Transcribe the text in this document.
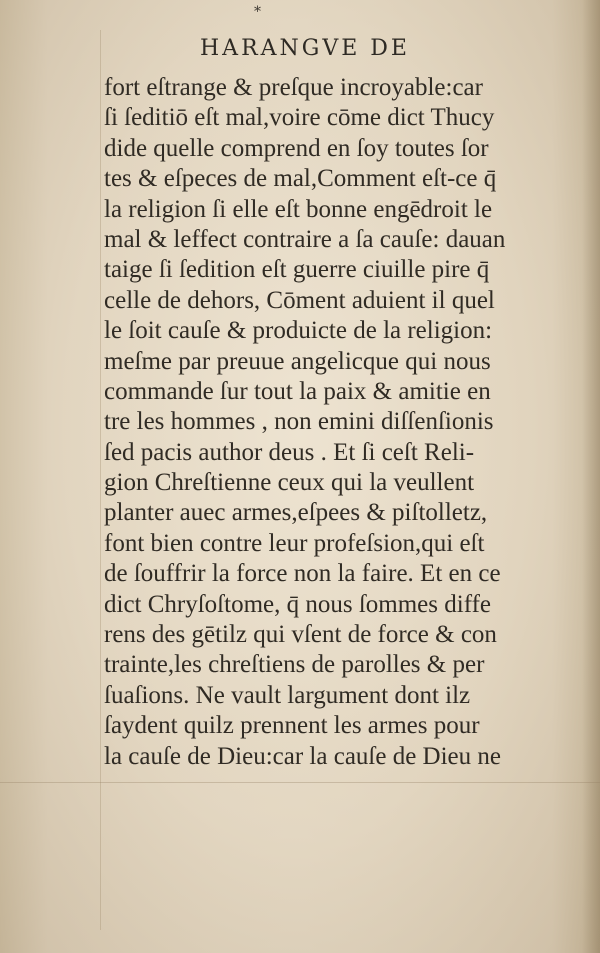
*
HARANGVE DE
fort eſtrange & preſque incroyable:car
ſi ſeditiō eſt mal,voire cōme dict Thucy
dide quelle comprend en ſoy toutes ſor
tes & eſpeces de mal,Comment eſt-ce q̄
la religion ſi elle eſt bonne engēdroit le
mal & leffect contraire a ſa cauſe: dauan
taige ſi ſedition eſt guerre ciuille pire q̄
celle de dehors, Cōment aduient il quel
le ſoit cauſe & produicte de la religion:
meſme par preuue angelicque qui nous
commande ſur tout la paix & amitie en
tre les hommes , non emini diſſenſionis
ſed pacis author deus . Et ſi ceſt Reli-
gion Chreſtienne ceux qui la veullent
planter auec armes,eſpees & piſtolletz,
font bien contre leur profeſsion,qui eſt
de ſouffrir la force non la faire. Et en ce
dict Chryſoſtome, q̄ nous ſommes diffe
rens des gētilz qui vſent de force & con
trainte,les chreſtiens de parolles & per
ſuaſions. Ne vault largument dont ilz
ſaydent quilz prennent les armes pour
la cauſe de Dieu:car la cauſe de Dieu ne
